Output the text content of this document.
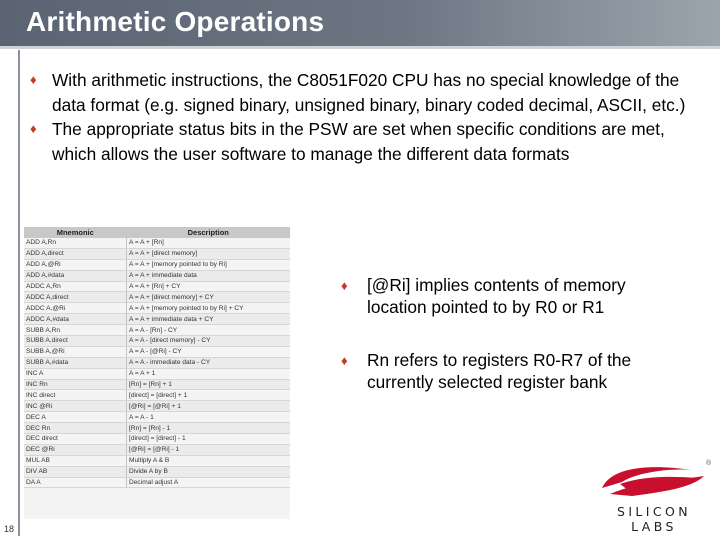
Arithmetic Operations
♦ With arithmetic instructions, the C8051F020 CPU has no special knowledge of the data format (e.g. signed binary, unsigned binary, binary coded decimal, ASCII, etc.)
♦ The appropriate status bits in the PSW are set when specific conditions are met, which allows the user software to manage the different data formats
Mnemonic	Description
ADD A,Rn	A = A + [Rn]
ADD A,direct	A = A + [direct memory]
ADD A,@Ri	A = A + [memory pointed to by Ri]
ADD A,#data	A = A + immediate data
ADDC A,Rn	A = A + [Rn] + CY
ADDC A,direct	A = A + [direct memory] + CY
ADDC A,@Ri	A = A + [memory pointed to by Ri] + CY
ADDC A,#data	A = A + immediate data + CY
SUBB A,Rn	A = A - [Rn] - CY
SUBB A,direct	A = A - [direct memory] - CY
SUBB A,@Ri	A = A - [@Ri] - CY
SUBB A,#data	A = A - immediate data - CY
INC A	A = A + 1
INC Rn	[Rn] = [Rn] + 1
INC direct	[direct] = [direct] + 1
INC @Ri	[@Ri] = [@Ri] + 1
DEC A	A = A - 1
DEC Rn	[Rn] = [Rn] - 1
DEC direct	[direct] = [direct] - 1
DEC @Ri	[@Ri] = [@Ri] - 1
MUL AB	Multiply A & B
DIV AB	Divide A by B
DA A	Decimal adjust A
♦ [@Ri] implies contents of memory location pointed to by R0 or R1
♦ Rn refers to registers R0-R7 of the currently selected register bank
18
®
SILICON LABS
